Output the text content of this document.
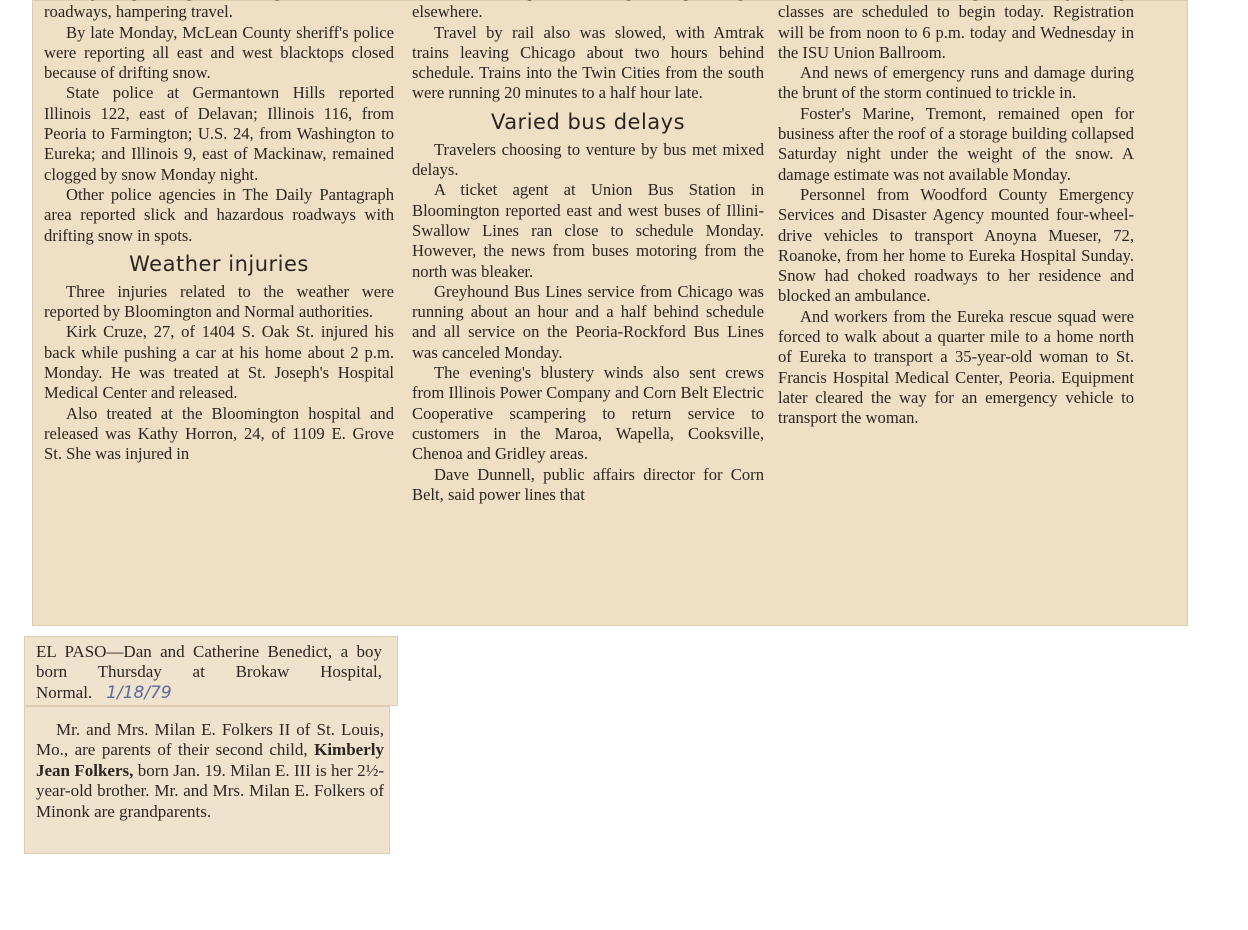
roadways, hampering travel.

By late Monday, McLean County sheriff's police were reporting all east and west blacktops closed because of drifting snow.

State police at Germantown Hills reported Illinois 122, east of Delavan; Illinois 116, from Peoria to Farmington; U.S. 24, from Washington to Eureka; and Illinois 9, east of Mackinaw, remained clogged by snow Monday night.

Other police agencies in The Daily Pantagraph area reported slick and hazardous roadways with drifting snow in spots.

Weather injuries

Three injuries related to the weather were reported by Bloomington and Normal authorities.

Kirk Cruze, 27, of 1404 S. Oak St. injured his back while pushing a car at his home about 2 p.m. Monday. He was treated at St. Joseph's Hospital Medical Center and released.

Also treated at the Bloomington hospital and released was Kathy Horron, 24, of 1109 E. Grove St. She was injured in

elsewhere.

Travel by rail also was slowed, with Amtrak trains leaving Chicago about two hours behind schedule. Trains into the Twin Cities from the south were running 20 minutes to a half hour late.

Varied bus delays

Travelers choosing to venture by bus met mixed delays.

A ticket agent at Union Bus Station in Bloomington reported east and west buses of Illini-Swallow Lines ran close to schedule Monday. However, the news from buses motoring from the north was bleaker.

Greyhound Bus Lines service from Chicago was running about an hour and a half behind schedule and all service on the Peoria-Rockford Bus Lines was canceled Monday.

The evening's blustery winds also sent crews from Illinois Power Company and Corn Belt Electric Cooperative scampering to return service to customers in the Maroa, Wapella, Cooksville, Chenoa and Gridley areas.

Dave Dunnell, public affairs director for Corn Belt, said power lines that

classes are scheduled to begin today. Registration will be from noon to 6 p.m. today and Wednesday in the ISU Union Ballroom.

And news of emergency runs and damage during the brunt of the storm continued to trickle in.

Foster's Marine, Tremont, remained open for business after the roof of a storage building collapsed Saturday night under the weight of the snow. A damage estimate was not available Monday.

Personnel from Woodford County Emergency Services and Disaster Agency mounted four-wheel-drive vehicles to transport Anoyna Mueser, 72, Roanoke, from her home to Eureka Hospital Sunday. Snow had choked roadways to her residence and blocked an ambulance.

And workers from the Eureka rescue squad were forced to walk about a quarter mile to a home north of Eureka to transport a 35-year-old woman to St. Francis Hospital Medical Center, Peoria. Equipment later cleared the way for an emergency vehicle to transport the woman.

EL PASO—Dan and Catherine Benedict, a boy born Thursday at Brokaw Hospital, Normal. 1/18/79
Mr. and Mrs. Milan E. Folkers II of St. Louis, Mo., are parents of their second child, Kimberly Jean Folkers, born Jan. 19. Milan E. III is her 2½-year-old brother. Mr. and Mrs. Milan E. Folkers of Minonk are grandparents.
